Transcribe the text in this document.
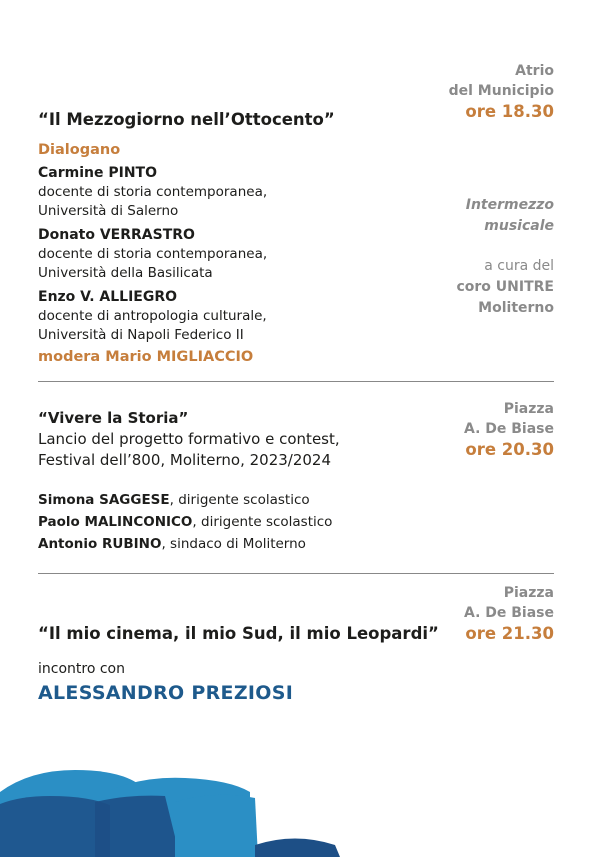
Atrio
del Municipio
ore 18.30
“Il Mezzogiorno nell’Ottocento”
Dialogano
Carmine PINTO
docente di storia contemporanea,
Università di Salerno
Donato VERRASTRO
docente di storia contemporanea,
Università della Basilicata
Enzo V. ALLIEGRO
docente di antropologia culturale,
Università di Napoli Federico II
modera Mario MIGLIACCIO
Intermezzo
musicale
a cura del
coro UNITRE
Moliterno
Piazza
A. De Biase
ore 20.30
“Vivere la Storia”
Lancio del progetto formativo e contest,
Festival dell’800, Moliterno, 2023/2024
Simona SAGGESE, dirigente scolastico
Paolo MALINCONICO, dirigente scolastico
Antonio RUBINO, sindaco di Moliterno
Piazza
A. De Biase
ore 21.30
“Il mio cinema, il mio Sud, il mio Leopardi”
incontro con
ALESSANDRO PREZIOSI
